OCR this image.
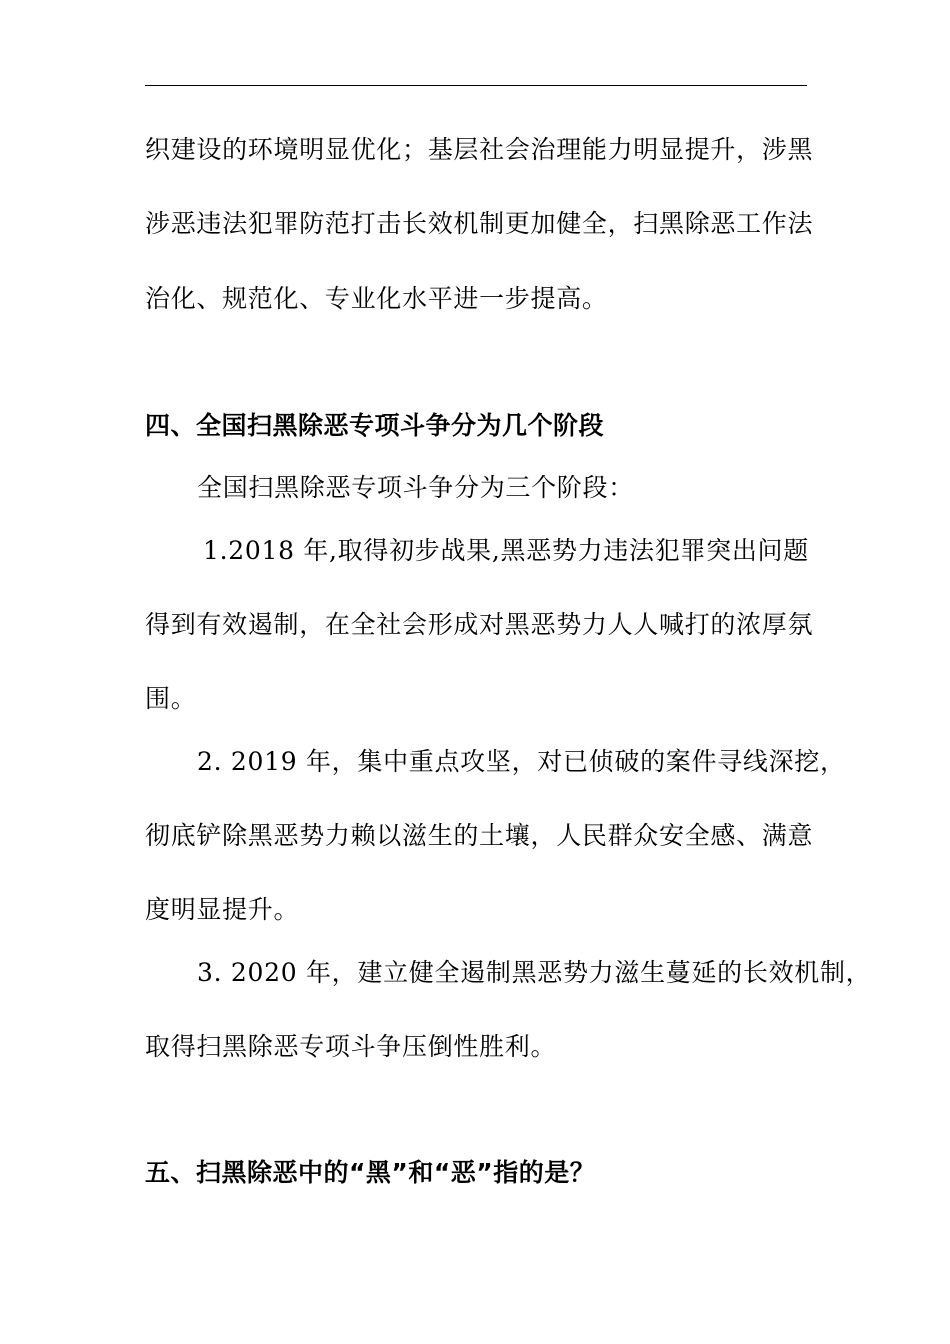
织建设的环境明显优化；基层社会治理能力明显提升，涉黑
涉恶违法犯罪防范打击长效机制更加健全，扫黑除恶工作法
治化、规范化、专业化水平进一步提高。
四、全国扫黑除恶专项斗争分为几个阶段
全国扫黑除恶专项斗争分为三个阶段：
1.2018 年,取得初步战果,黑恶势力违法犯罪突出问题
得到有效遏制，在全社会形成对黑恶势力人人喊打的浓厚氛
围。
2. 2019 年，集中重点攻坚，对已侦破的案件寻线深挖，
彻底铲除黑恶势力赖以滋生的土壤，人民群众安全感、满意
度明显提升。
3. 2020 年，建立健全遏制黑恶势力滋生蔓延的长效机制，
取得扫黑除恶专项斗争压倒性胜利。
五、扫黑除恶中的“黑”和“恶”指的是？
